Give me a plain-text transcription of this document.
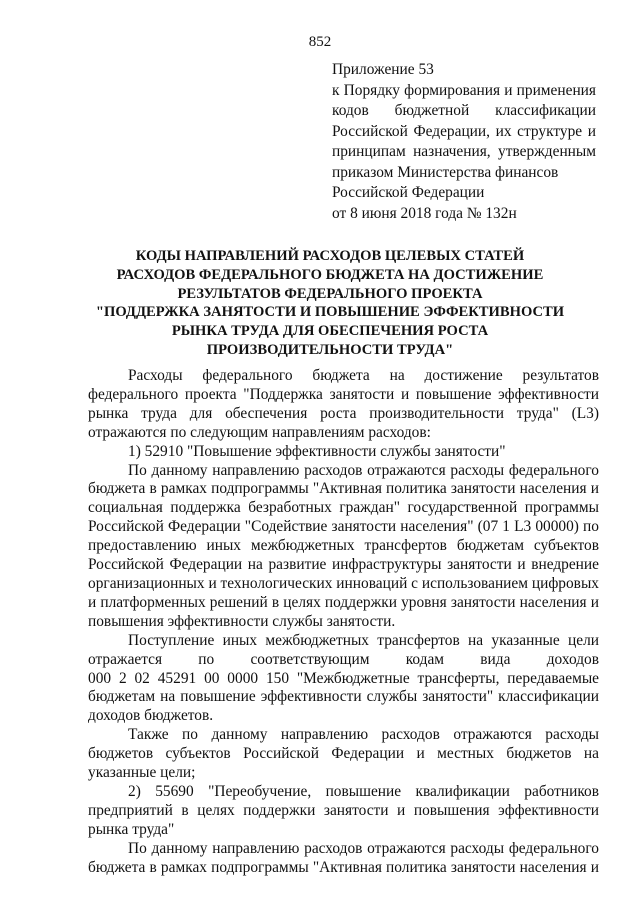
852
Приложение 53
к Порядку формирования и применения
кодов бюджетной классификации
Российской Федерации, их структуре и
принципам назначения, утвержденным
приказом Министерства финансов
Российской Федерации
от 8 июня 2018 года № 132н
КОДЫ НАПРАВЛЕНИЙ РАСХОДОВ ЦЕЛЕВЫХ СТАТЕЙ
РАСХОДОВ ФЕДЕРАЛЬНОГО БЮДЖЕТА НА ДОСТИЖЕНИЕ
РЕЗУЛЬТАТОВ ФЕДЕРАЛЬНОГО ПРОЕКТА
"ПОДДЕРЖКА ЗАНЯТОСТИ И ПОВЫШЕНИЕ ЭФФЕКТИВНОСТИ
РЫНКА ТРУДА ДЛЯ ОБЕСПЕЧЕНИЯ РОСТА
ПРОИЗВОДИТЕЛЬНОСТИ ТРУДА"
Расходы федерального бюджета на достижение результатов
федерального проекта "Поддержка занятости и повышение эффективности
рынка труда для обеспечения роста производительности труда" (L3)
отражаются по следующим направлениям расходов:
1) 52910 "Повышение эффективности службы занятости"
По данному направлению расходов отражаются расходы федерального
бюджета в рамках подпрограммы "Активная политика занятости населения и
социальная поддержка безработных граждан" государственной программы
Российской Федерации "Содействие занятости населения" (07 1 L3 00000) по
предоставлению иных межбюджетных трансфертов бюджетам субъектов
Российской Федерации на развитие инфраструктуры занятости и внедрение
организационных и технологических инноваций с использованием цифровых
и платформенных решений в целях поддержки уровня занятости населения и
повышения эффективности службы занятости.
Поступление иных межбюджетных трансфертов на указанные цели
отражается по соответствующим кодам вида доходов
000 2 02 45291 00 0000 150 "Межбюджетные трансферты, передаваемые
бюджетам на повышение эффективности службы занятости" классификации
доходов бюджетов.
Также по данному направлению расходов отражаются расходы
бюджетов субъектов Российской Федерации и местных бюджетов на
указанные цели;
2) 55690 "Переобучение, повышение квалификации работников
предприятий в целях поддержки занятости и повышения эффективности
рынка труда"
По данному направлению расходов отражаются расходы федерального
бюджета в рамках подпрограммы "Активная политика занятости населения и
